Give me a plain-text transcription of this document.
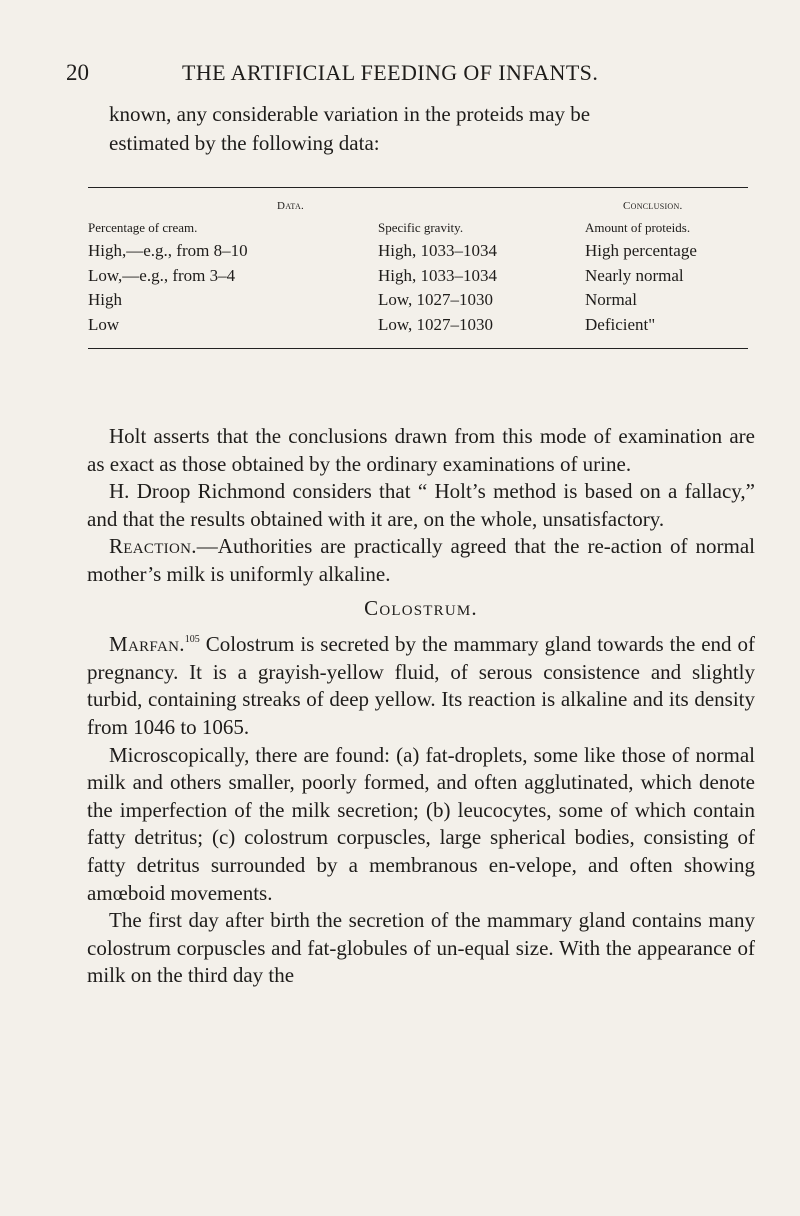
20	THE ARTIFICIAL FEEDING OF INFANTS.

known, any considerable variation in the proteids may be

estimated by the following data:

Data.	Conclusion.
Percentage of cream.	Specific gravity.	Amount of proteids.
High,—e.g., from 8–10	High, 1033–1034	High percentage
Low,—e.g., from 3–4	High, 1033–1034	Nearly normal
High	Low, 1027–1030	Normal
Low	Low, 1027–1030	Deficient"

Holt asserts that the conclusions drawn from this mode of examination are as exact as those obtained by the ordinary examinations of urine.

H. Droop Richmond considers that “ Holt’s method is based on a fallacy,” and that the results obtained with it are, on the whole, unsatisfactory.

Reaction.—Authorities are practically agreed that the re-action of normal mother’s milk is uniformly alkaline.

Colostrum.

Marfan.$^{105}$ Colostrum is secreted by the mammary gland towards the end of pregnancy. It is a grayish-yellow fluid, of serous consistence and slightly turbid, containing streaks of deep yellow. Its reaction is alkaline and its density from 1046 to 1065.

Microscopically, there are found: (a) fat-droplets, some like those of normal milk and others smaller, poorly formed, and often agglutinated, which denote the imperfection of the milk secretion; (b) leucocytes, some of which contain fatty detritus; (c) colostrum corpuscles, large spherical bodies, consisting of fatty detritus surrounded by a membranous en-velope, and often showing amœboid movements.

The first day after birth the secretion of the mammary gland contains many colostrum corpuscles and fat-globules of un-equal size. With the appearance of milk on the third day the
